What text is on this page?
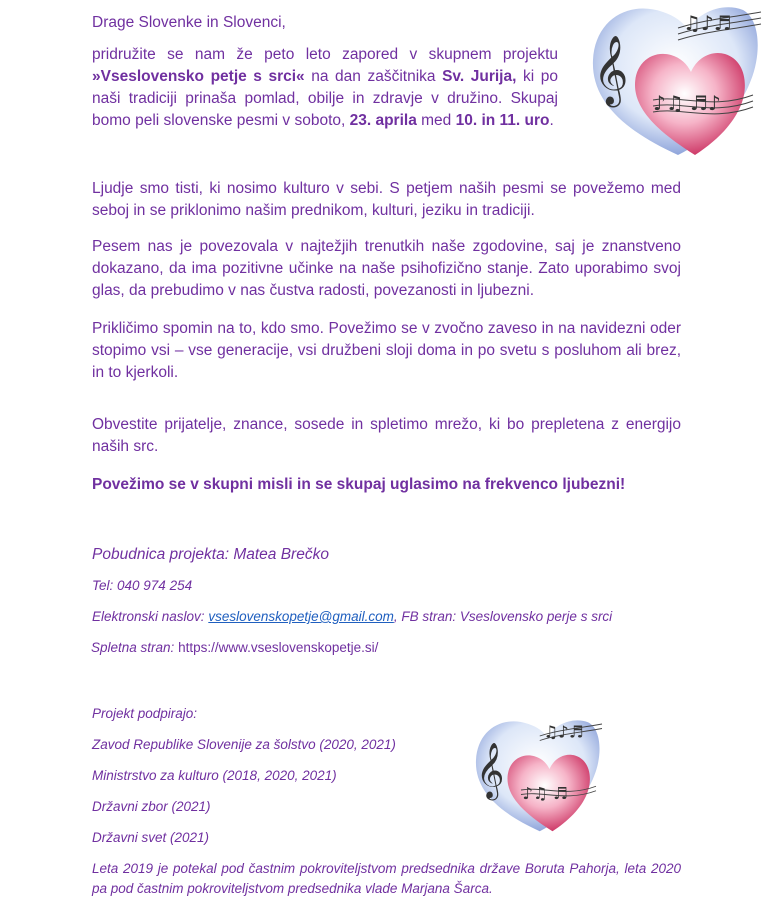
𝄞
♫♪♬
♪♫ ♬♪

Drage Slovenke in Slovenci,

pridružite se nam že peto leto zapored v skupnem projektu »Vseslovensko petje s srci« na dan zaščitnika Sv. Jurija, ki po naši tradiciji prinaša pomlad, obilje in zdravje v družino. Skupaj bomo peli slovenske pesmi v soboto, 23. aprila med 10. in 11. uro.

Ljudje smo tisti, ki nosimo kulturo v sebi. S petjem naših pesmi se povežemo med seboj in se priklonimo našim prednikom, kulturi, jeziku in tradiciji.

Pesem nas je povezovala v najtežjih trenutkih naše zgodovine, saj je znanstveno dokazano, da ima pozitivne učinke na naše psihofizično stanje. Zato uporabimo svoj glas, da prebudimo v nas čustva radosti, povezanosti in ljubezni.

Prikličimo spomin na to, kdo smo. Povežimo se v zvočno zaveso in na navidezni oder stopimo vsi – vse generacije, vsi družbeni sloji doma in po svetu s posluhom ali brez, in to kjerkoli.

Obvestite prijatelje, znance, sosede in spletimo mrežo, ki bo prepletena z energijo naših src.

Povežimo se v skupni misli in se skupaj uglasimo na frekvenco ljubezni!

Pobudnica projekta: Matea Brečko

Tel: 040 974 254

Elektronski naslov: vseslovenskopetje@gmail.com, FB stran: Vseslovensko perje s srci

Spletna stran: https://www.vseslovenskopetje.si/

Projekt podpirajo:

Zavod Republike Slovenije za šolstvo (2020, 2021)

Ministrstvo za kulturo (2018, 2020, 2021)

Državni zbor (2021)

Državni svet (2021)

Leta 2019 je potekal pod častnim pokroviteljstvom predsednika države Boruta Pahorja, leta 2020 pa pod častnim pokroviteljstvom predsednika vlade Marjana Šarca.

𝄞
♫♪♬
♪♫ ♬
